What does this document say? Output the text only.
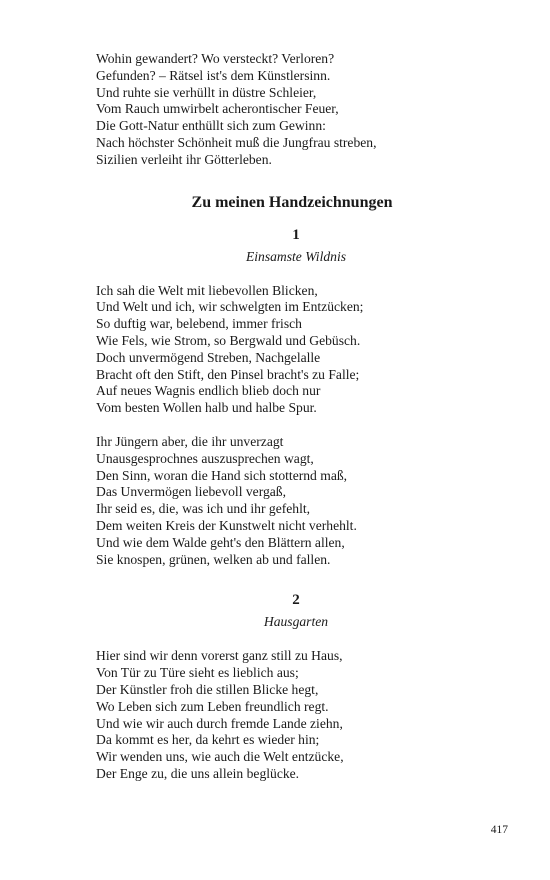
Wohin gewandert? Wo versteckt? Verloren?
Gefunden? – Rätsel ist's dem Künstlersinn.
Und ruhte sie verhüllt in düstre Schleier,
Vom Rauch umwirbelt acherontischer Feuer,
Die Gott-Natur enthüllt sich zum Gewinn:
Nach höchster Schönheit muß die Jungfrau streben,
Sizilien verleiht ihr Götterleben.
Zu meinen Handzeichnungen
1
Einsamste Wildnis
Ich sah die Welt mit liebevollen Blicken,
Und Welt und ich, wir schwelgten im Entzücken;
So duftig war, belebend, immer frisch
Wie Fels, wie Strom, so Bergwald und Gebüsch.
Doch unvermögend Streben, Nachgelalle
Bracht oft den Stift, den Pinsel bracht's zu Falle;
Auf neues Wagnis endlich blieb doch nur
Vom besten Wollen halb und halbe Spur.
Ihr Jüngern aber, die ihr unverzagt
Unausgesprochnes auszusprechen wagt,
Den Sinn, woran die Hand sich stotternd maß,
Das Unvermögen liebevoll vergaß,
Ihr seid es, die, was ich und ihr gefehlt,
Dem weiten Kreis der Kunstwelt nicht verhehlt.
Und wie dem Walde geht's den Blättern allen,
Sie knospen, grünen, welken ab und fallen.
2
Hausgarten
Hier sind wir denn vorerst ganz still zu Haus,
Von Tür zu Türe sieht es lieblich aus;
Der Künstler froh die stillen Blicke hegt,
Wo Leben sich zum Leben freundlich regt.
Und wie wir auch durch fremde Lande ziehn,
Da kommt es her, da kehrt es wieder hin;
Wir wenden uns, wie auch die Welt entzücke,
Der Enge zu, die uns allein beglücke.
417
